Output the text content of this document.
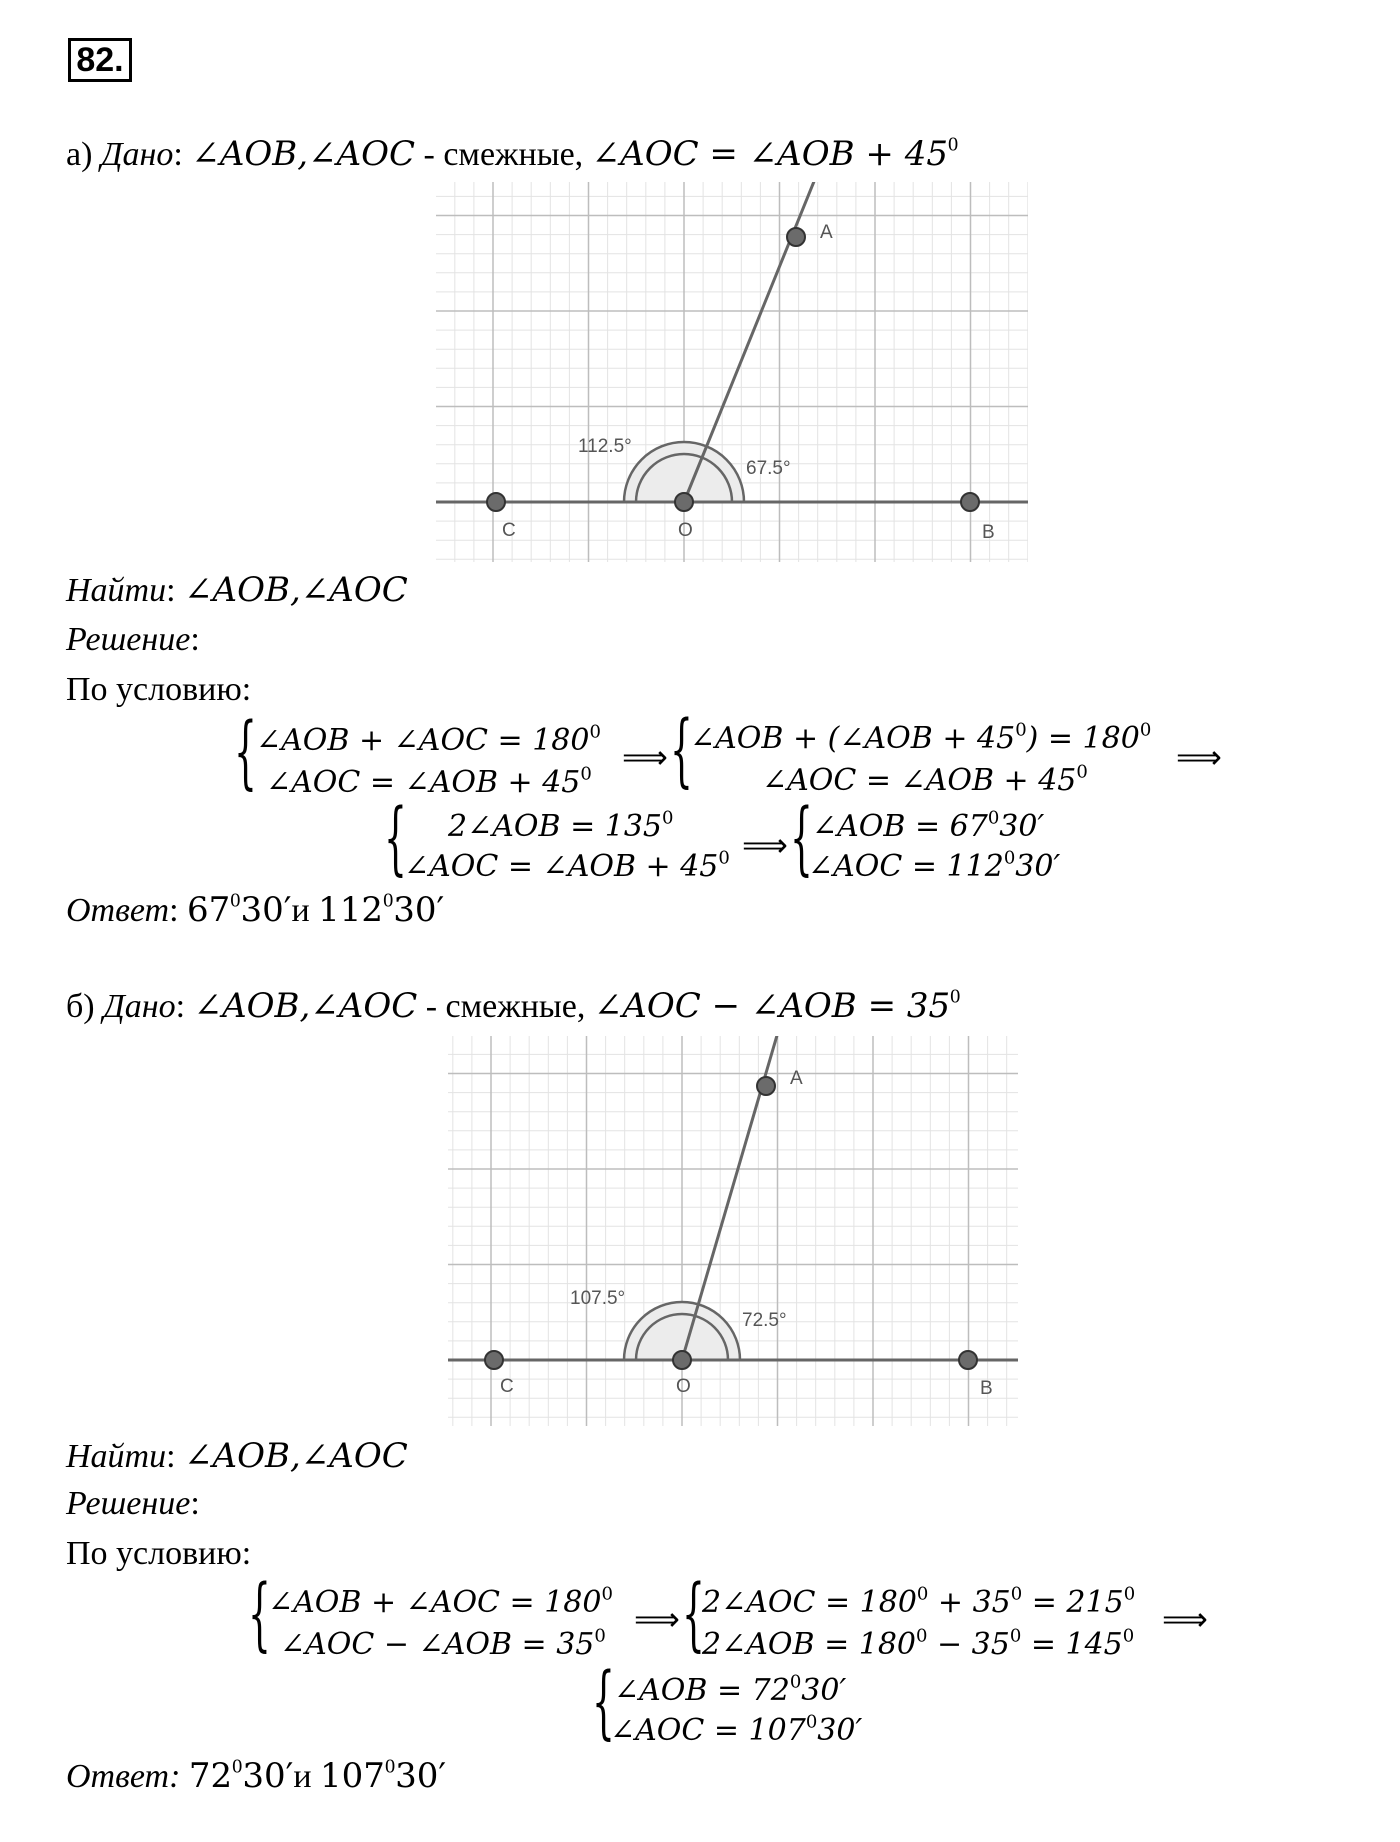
82.
а) Дано: ∠AOB,∠AOC - смежные, ∠AOC = ∠AOB + $45^0$
A
C	O	B
112.5°
67.5°
Найти: ∠AOB,∠AOC
Решение:
По условию:
{ ∠AOB + ∠AOC = $180^0$
∠AOC = ∠AOB + $45^0$ ⟹ {
∠AOB + (∠AOB + $45^0) = 180^0$
∠AOC = ∠AOB + $45^0$	⟹
{ 2∠AOB = $135^0$
∠AOC = ∠AOB + $45^0$ ⟹ { ∠AOB = $67^030'$
∠AOC = $112^030'$
Ответ: $67^030'и$ $112^030'$
б) Дано: ∠AOB,∠AOC - смежные, ∠AOC − ∠AOB = $35^0$
A
C	O	B
107.5°
72.5°
Найти: ∠AOB,∠AOC
Решение:
По условию:
{
∠AOB + ∠AOC = $180^0$
∠AOC − ∠AOB = $35^0$ ⟹ {
2∠AOC = $180^0 + 35^0 = 215^0$
2∠AOB = $180^0 - 35^0 = 145^0$ ⟹
{ ∠AOB = $72^030'$
∠AOC = $107^030'$
Ответ: $72^030'и$ $107^030'$
